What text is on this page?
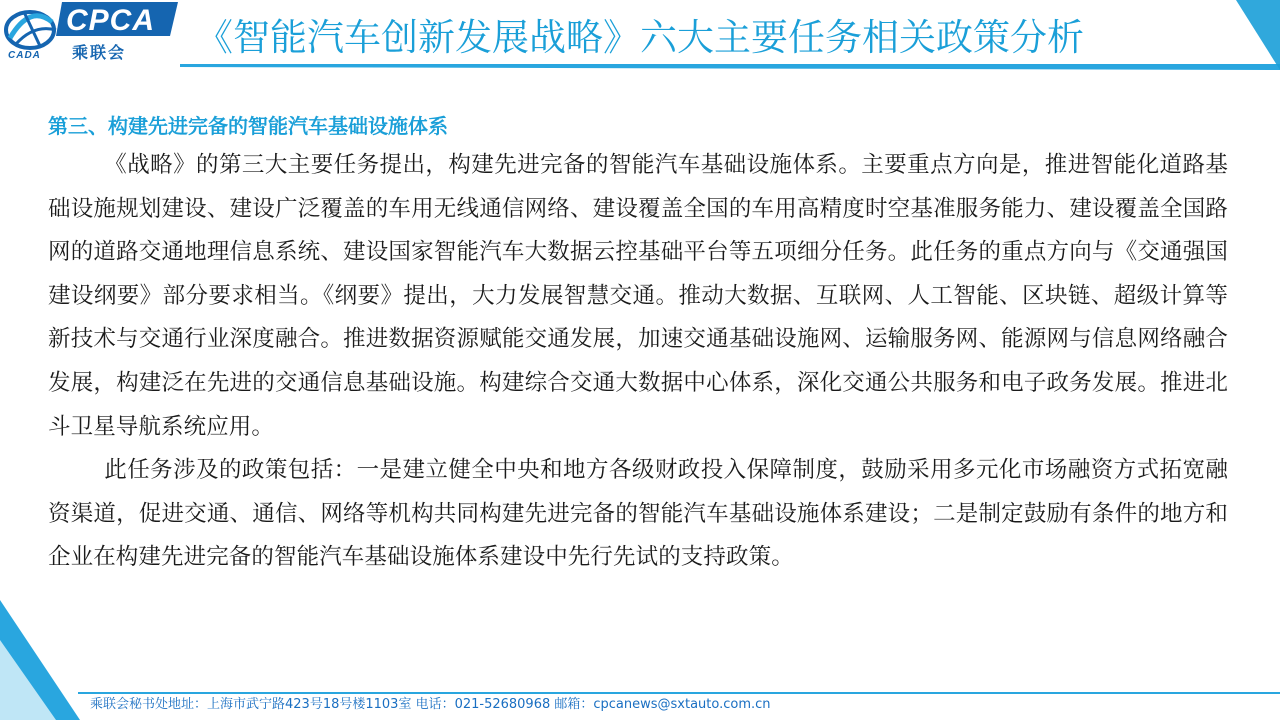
CPCA
乘联会
CADA	《智能汽车创新发展战略》六大主要任务相关政策分析
第三、构建先进完备的智能汽车基础设施体系

《战略》的第三大主要任务提出，构建先进完备的智能汽车基础设施体系。主要重点方向是，推进智能化道路基础设施规划建设、建设广泛覆盖的车用无线通信网络、建设覆盖全国的车用高精度时空基准服务能力、建设覆盖全国路网的道路交通地理信息系统、建设国家智能汽车大数据云控基础平台等五项细分任务。此任务的重点方向与《交通强国建设纲要》部分要求相当。《纲要》提出，大力发展智慧交通。推动大数据、互联网、人工智能、区块链、超级计算等新技术与交通行业深度融合。推进数据资源赋能交通发展，加速交通基础设施网、运输服务网、能源网与信息网络融合发展，构建泛在先进的交通信息基础设施。构建综合交通大数据中心体系，深化交通公共服务和电子政务发展。推进北斗卫星导航系统应用。

此任务涉及的政策包括：一是建立健全中央和地方各级财政投入保障制度，鼓励采用多元化市场融资方式拓宽融资渠道，促进交通、通信、网络等机构共同构建先进完备的智能汽车基础设施体系建设；二是制定鼓励有条件的地方和企业在构建先进完备的智能汽车基础设施体系建设中先行先试的支持政策。

乘联会秘书处地址：上海市武宁路423号18号楼1103室 电话：021-52680968 邮箱：cpcanews@sxtauto.com.cn
